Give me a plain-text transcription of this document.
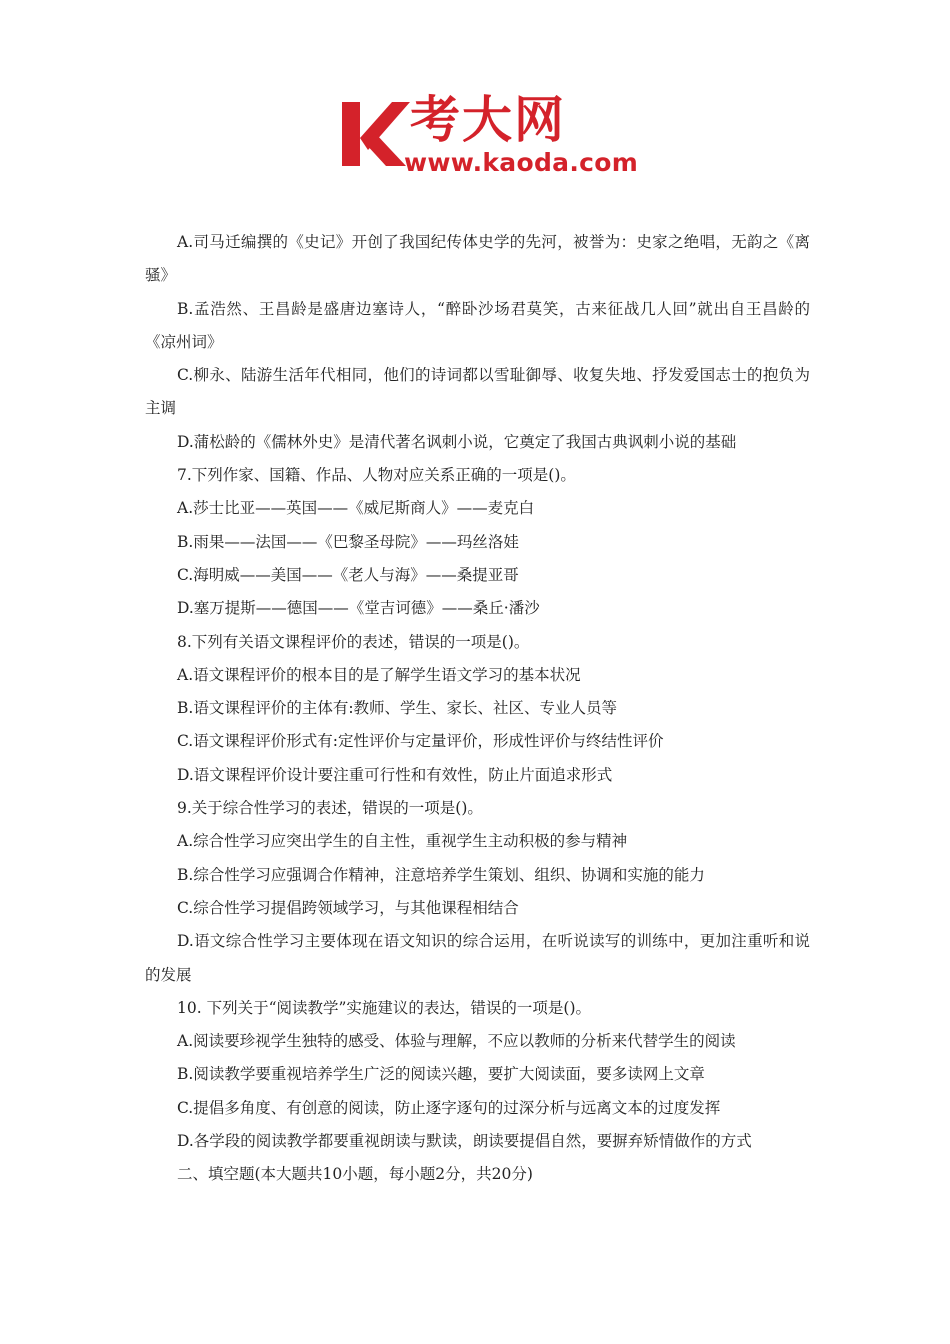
考大网
www.kaoda.com

A.司马迁编撰的《史记》开创了我国纪传体史学的先河，被誉为：史家之绝唱，无韵之《离骚》

B.孟浩然、王昌龄是盛唐边塞诗人，“醉卧沙场君莫笑，古来征战几人回”就出自王昌龄的《凉州词》

C.柳永、陆游生活年代相同，他们的诗词都以雪耻御辱、收复失地、抒发爱国志士的抱负为主调

D.蒲松龄的《儒林外史》是清代著名讽刺小说，它奠定了我国古典讽刺小说的基础

7.下列作家、国籍、作品、人物对应关系正确的一项是()。

A.莎士比亚——英国——《威尼斯商人》——麦克白

B.雨果——法国——《巴黎圣母院》——玛丝洛娃

C.海明威——美国——《老人与海》——桑提亚哥

D.塞万提斯——德国——《堂吉诃德》——桑丘·潘沙

8.下列有关语文课程评价的表述，错误的一项是()。

A.语文课程评价的根本目的是了解学生语文学习的基本状况

B.语文课程评价的主体有:教师、学生、家长、社区、专业人员等

C.语文课程评价形式有:定性评价与定量评价，形成性评价与终结性评价

D.语文课程评价设计要注重可行性和有效性，防止片面追求形式

9.关于综合性学习的表述，错误的一项是()。

A.综合性学习应突出学生的自主性，重视学生主动积极的参与精神

B.综合性学习应强调合作精神，注意培养学生策划、组织、协调和实施的能力

C.综合性学习提倡跨领域学习，与其他课程相结合

D.语文综合性学习主要体现在语文知识的综合运用，在听说读写的训练中，更加注重听和说的发展

10. 下列关于“阅读教学”实施建议的表达，错误的一项是()。

A.阅读要珍视学生独特的感受、体验与理解，不应以教师的分析来代替学生的阅读

B.阅读教学要重视培养学生广泛的阅读兴趣，要扩大阅读面，要多读网上文章

C.提倡多角度、有创意的阅读，防止逐字逐句的过深分析与远离文本的过度发挥

D.各学段的阅读教学都要重视朗读与默读，朗读要提倡自然，要摒弃矫情做作的方式

二、填空题(本大题共10小题，每小题2分，共20分)
